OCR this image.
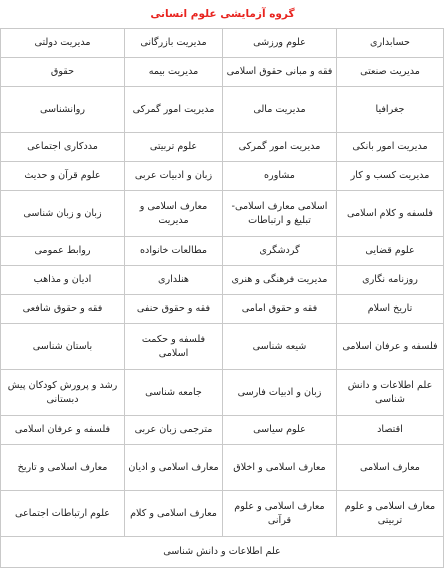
گروه آزمایشی علوم انسانی
حسابداری	علوم ورزشی	مدیریت بازرگانی	مدیریت دولتی
مدیریت صنعتی	فقه و مبانی حقوق اسلامی	مدیریت بیمه	حقوق
جغرافیا	مدیریت مالی	مدیریت امور گمرکی	روانشناسی
مدیریت امور بانکی	مدیریت امور گمرکی	علوم تربیتی	مددکاری اجتماعی
مدیریت کسب و کار	مشاوره	زبان و ادبیات عربی	علوم قرآن و حدیث
فلسفه و کلام اسلامی	اسلامی معارف اسلامی- تبلیغ و ارتباطات	معارف اسلامی و مدیریت	زبان و زبان شناسی
علوم قضایی	گردشگری	مطالعات خانواده	روابط عمومی
روزنامه نگاری	مدیریت فرهنگی و هنری	هنلداری	ادیان و مذاهب
تاریخ اسلام	فقه و حقوق امامی	فقه و حقوق حنفی	فقه و حقوق شافعی
فلسفه و عرفان اسلامی	شیعه شناسی	فلسفه و حکمت اسلامی	باستان شناسی
علم اطلاعات و دانش شناسی	زبان و ادبیات فارسی	جامعه شناسی	رشد و پرورش کودکان پیش دبستانی
اقتصاد	علوم سیاسی	مترجمی زبان عربی	فلسفه و عرفان اسلامی
معارف اسلامی	معارف اسلامی و اخلاق	معارف اسلامی و ادیان	معارف اسلامی و تاریخ
معارف اسلامی و علوم تربیتی	معارف اسلامی و علوم قرآنی	معارف اسلامی و کلام	علوم ارتباطات اجتماعی
علم اطلاعات و دانش شناسی			
